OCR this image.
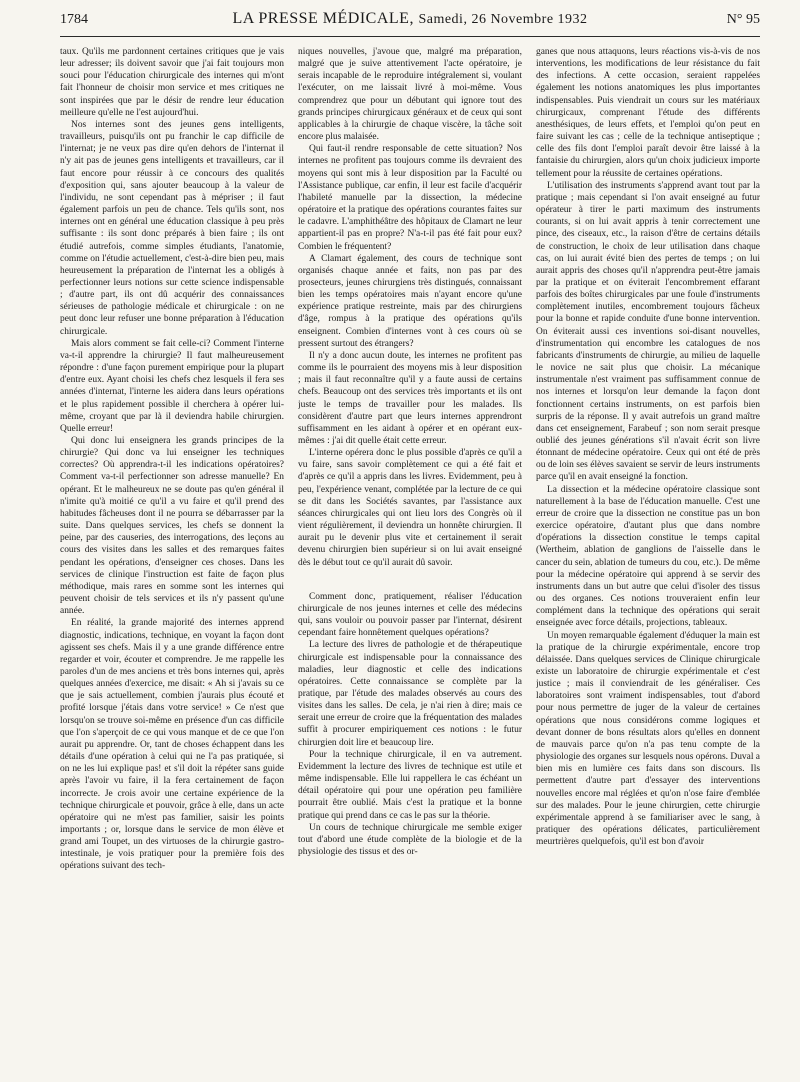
1784	LA PRESSE MÉDICALE, Samedi, 26 Novembre 1932	N° 95

taux. Qu'ils me pardonnent certaines critiques que je vais leur adresser; ils doivent savoir que j'ai fait toujours mon souci pour l'éducation chirurgicale des internes qui m'ont fait l'honneur de choisir mon service et mes critiques ne sont inspirées que par le désir de rendre leur éducation meilleure qu'elle ne l'est aujourd'hui.

Nos internes sont des jeunes gens intelligents, travailleurs, puisqu'ils ont pu franchir le cap difficile de l'internat; je ne veux pas dire qu'en dehors de l'internat il n'y ait pas de jeunes gens intelligents et travailleurs, car il faut encore pour réussir à ce concours des qualités d'exposition qui, sans ajouter beaucoup à la valeur de l'individu, ne sont cependant pas à mépriser ; il faut également parfois un peu de chance. Tels qu'ils sont, nos internes ont en général une éducation classique à peu près suffisante : ils sont donc préparés à bien faire ; ils ont étudié autrefois, comme simples étudiants, l'anatomie, comme on l'étudie actuellement, c'est-à-dire bien peu, mais heureusement la préparation de l'internat les a obligés à perfectionner leurs notions sur cette science indispensable ; d'autre part, ils ont dû acquérir des connaissances sérieuses de pathologie médicale et chirurgicale : on ne peut donc leur refuser une bonne préparation à l'éducation chirurgicale.

Mais alors comment se fait celle-ci? Comment l'interne va-t-il apprendre la chirurgie? Il faut malheureusement répondre : d'une façon purement empirique pour la plupart d'entre eux. Ayant choisi les chefs chez lesquels il fera ses années d'internat, l'interne les aidera dans leurs opérations et le plus rapidement possible il cherchera à opérer lui-même, croyant que par là il deviendra habile chirurgien. Quelle erreur!

Qui donc lui enseignera les grands principes de la chirurgie? Qui donc va lui enseigner les techniques correctes? Où apprendra-t-il les indications opératoires? Comment va-t-il perfectionner son adresse manuelle? En opérant. Et le malheureux ne se doute pas qu'en général il n'imite qu'à moitié ce qu'il a vu faire et qu'il prend des habitudes fâcheuses dont il ne pourra se débarrasser par la suite. Dans quelques services, les chefs se donnent la peine, par des causeries, des interrogations, des leçons au cours des visites dans les salles et des remarques faites pendant les opérations, d'enseigner ces choses. Dans les services de clinique l'instruction est faite de façon plus méthodique, mais rares en somme sont les internes qui peuvent choisir de tels services et ils n'y passent qu'une année.

En réalité, la grande majorité des internes apprend diagnostic, indications, technique, en voyant la façon dont agissent ses chefs. Mais il y a une grande différence entre regarder et voir, écouter et comprendre. Je me rappelle les paroles d'un de mes anciens et très bons internes qui, après quelques années d'exercice, me disait: « Ah si j'avais su ce que je sais actuellement, combien j'aurais plus écouté et profité lorsque j'étais dans votre service! » Ce n'est que lorsqu'on se trouve soi-même en présence d'un cas difficile que l'on s'aperçoit de ce qui vous manque et de ce que l'on aurait pu apprendre. Or, tant de choses échappent dans les détails d'une opération à celui qui ne l'a pas pratiquée, si on ne les lui explique pas! et s'il doit la répéter sans guide après l'avoir vu faire, il la fera certainement de façon incorrecte. Je crois avoir une certaine expérience de la technique chirurgicale et pouvoir, grâce à elle, dans un acte opératoire qui ne m'est pas familier, saisir les points importants ; or, lorsque dans le service de mon élève et grand ami Toupet, un des virtuoses de la chirurgie gastro-intestinale, je vois pratiquer pour la première fois des opérations suivant des tech-

niques nouvelles, j'avoue que, malgré ma préparation, malgré que je suive attentivement l'acte opératoire, je serais incapable de le reproduire intégralement si, voulant l'exécuter, on me laissait livré à moi-même. Vous comprendrez que pour un débutant qui ignore tout des grands principes chirurgicaux généraux et de ceux qui sont applicables à la chirurgie de chaque viscère, la tâche soit encore plus malaisée.

Qui faut-il rendre responsable de cette situation? Nos internes ne profitent pas toujours comme ils devraient des moyens qui sont mis à leur disposition par la Faculté ou l'Assistance publique, car enfin, il leur est facile d'acquérir l'habileté manuelle par la dissection, la médecine opératoire et la pratique des opérations courantes faites sur le cadavre. L'amphithéâtre des hôpitaux de Clamart ne leur appartient-il pas en propre? N'a-t-il pas été fait pour eux? Combien le fréquentent?

A Clamart également, des cours de technique sont organisés chaque année et faits, non pas par des prosecteurs, jeunes chirurgiens très distingués, connaissant bien les temps opératoires mais n'ayant encore qu'une expérience pratique restreinte, mais par des chirurgiens d'âge, rompus à la pratique des opérations qu'ils enseignent. Combien d'internes vont à ces cours où se pressent surtout des étrangers?

Il n'y a donc aucun doute, les internes ne profitent pas comme ils le pourraient des moyens mis à leur disposition ; mais il faut reconnaître qu'il y a faute aussi de certains chefs. Beaucoup ont des services très importants et ils ont juste le temps de travailler pour les malades. Ils considèrent d'autre part que leurs internes apprendront suffisamment en les aidant à opérer et en opérant eux-mêmes : j'ai dit quelle était cette erreur.

L'interne opérera donc le plus possible d'après ce qu'il a vu faire, sans savoir complètement ce qui a été fait et d'après ce qu'il a appris dans les livres. Evidemment, peu à peu, l'expérience venant, complétée par la lecture de ce qui se dit dans les Sociétés savantes, par l'assistance aux séances chirurgicales qui ont lieu lors des Congrès où il vient régulièrement, il deviendra un honnête chirurgien. Il aurait pu le devenir plus vite et certainement il serait devenu chirurgien bien supérieur si on lui avait enseigné dès le début tout ce qu'il aurait dû savoir.

Comment donc, pratiquement, réaliser l'éducation chirurgicale de nos jeunes internes et celle des médecins qui, sans vouloir ou pouvoir passer par l'internat, désirent cependant faire honnêtement quelques opérations?

La lecture des livres de pathologie et de thérapeutique chirurgicale est indispensable pour la connaissance des maladies, leur diagnostic et celle des indications opératoires. Cette connaissance se complète par la pratique, par l'étude des malades observés au cours des visites dans les salles. De cela, je n'ai rien à dire; mais ce serait une erreur de croire que la fréquentation des malades suffit à procurer empiriquement ces notions : le futur chirurgien doit lire et beaucoup lire.

Pour la technique chirurgicale, il en va autrement. Evidemment la lecture des livres de technique est utile et même indispensable. Elle lui rappellera le cas échéant un détail opératoire qui pour une opération peu familière pourrait être oublié. Mais c'est la pratique et la bonne pratique qui prend dans ce cas le pas sur la théorie.

Un cours de technique chirurgicale me semble exiger tout d'abord une étude complète de la biologie et de la physiologie des tissus et des or-

ganes que nous attaquons, leurs réactions vis-à-vis de nos interventions, les modifications de leur résistance du fait des infections. A cette occasion, seraient rappelées également les notions anatomiques les plus importantes indispensables. Puis viendrait un cours sur les matériaux chirurgicaux, comprenant l'étude des différents anesthésiques, de leurs effets, et l'emploi qu'on peut en faire suivant les cas ; celle de la technique antiseptique ; celle des fils dont l'emploi paraît devoir être laissé à la fantaisie du chirurgien, alors qu'un choix judicieux importe tellement pour la réussite de certaines opérations.

L'utilisation des instruments s'apprend avant tout par la pratique ; mais cependant si l'on avait enseigné au futur opérateur à tirer le parti maximum des instruments courants, si on lui avait appris à tenir correctement une pince, des ciseaux, etc., la raison d'être de certains détails de construction, le choix de leur utilisation dans chaque cas, on lui aurait évité bien des pertes de temps ; on lui aurait appris des choses qu'il n'apprendra peut-être jamais par la pratique et on éviterait l'encombrement effarant parfois des boîtes chirurgicales par une foule d'instruments complètement inutiles, encombrement toujours fâcheux pour la bonne et rapide conduite d'une bonne intervention. On éviterait aussi ces inventions soi-disant nouvelles, d'instrumentation qui encombre les catalogues de nos fabricants d'instruments de chirurgie, au milieu de laquelle le novice ne sait plus que choisir. La mécanique instrumentale n'est vraiment pas suffisamment connue de nos internes et lorsqu'on leur demande la façon dont fonctionnent certains instruments, on est parfois bien surpris de la réponse. Il y avait autrefois un grand maître dans cet enseignement, Farabeuf ; son nom serait presque oublié des jeunes générations s'il n'avait écrit son livre étonnant de médecine opératoire. Ceux qui ont été de près ou de loin ses élèves savaient se servir de leurs instruments parce qu'il en avait enseigné la fonction.

La dissection et la médecine opératoire classique sont naturellement à la base de l'éducation manuelle. C'est une erreur de croire que la dissection ne constitue pas un bon exercice opératoire, d'autant plus que dans nombre d'opérations la dissection constitue le temps capital (Wertheim, ablation de ganglions de l'aisselle dans le cancer du sein, ablation de tumeurs du cou, etc.). De même pour la médecine opératoire qui apprend à se servir des instruments dans un but autre que celui d'isoler des tissus ou des organes. Ces notions trouveraient enfin leur complément dans la technique des opérations qui serait enseignée avec force détails, projections, tableaux.

Un moyen remarquable également d'éduquer la main est la pratique de la chirurgie expérimentale, encore trop délaissée. Dans quelques services de Clinique chirurgicale existe un laboratoire de chirurgie expérimentale et c'est justice ; mais il conviendrait de les généraliser. Ces laboratoires sont vraiment indispensables, tout d'abord pour nous permettre de juger de la valeur de certaines opérations que nous considérons comme logiques et devant donner de bons résultats alors qu'elles en donnent de mauvais parce qu'on n'a pas tenu compte de la physiologie des organes sur lesquels nous opérons. Duval a bien mis en lumière ces faits dans son discours. Ils permettent d'autre part d'essayer des interventions nouvelles encore mal réglées et qu'on n'ose faire d'emblée sur des malades. Pour le jeune chirurgien, cette chirurgie expérimentale apprend à se familiariser avec le sang, à pratiquer des opérations délicates, particulièrement meurtrières quelquefois, qu'il est bon d'avoir
